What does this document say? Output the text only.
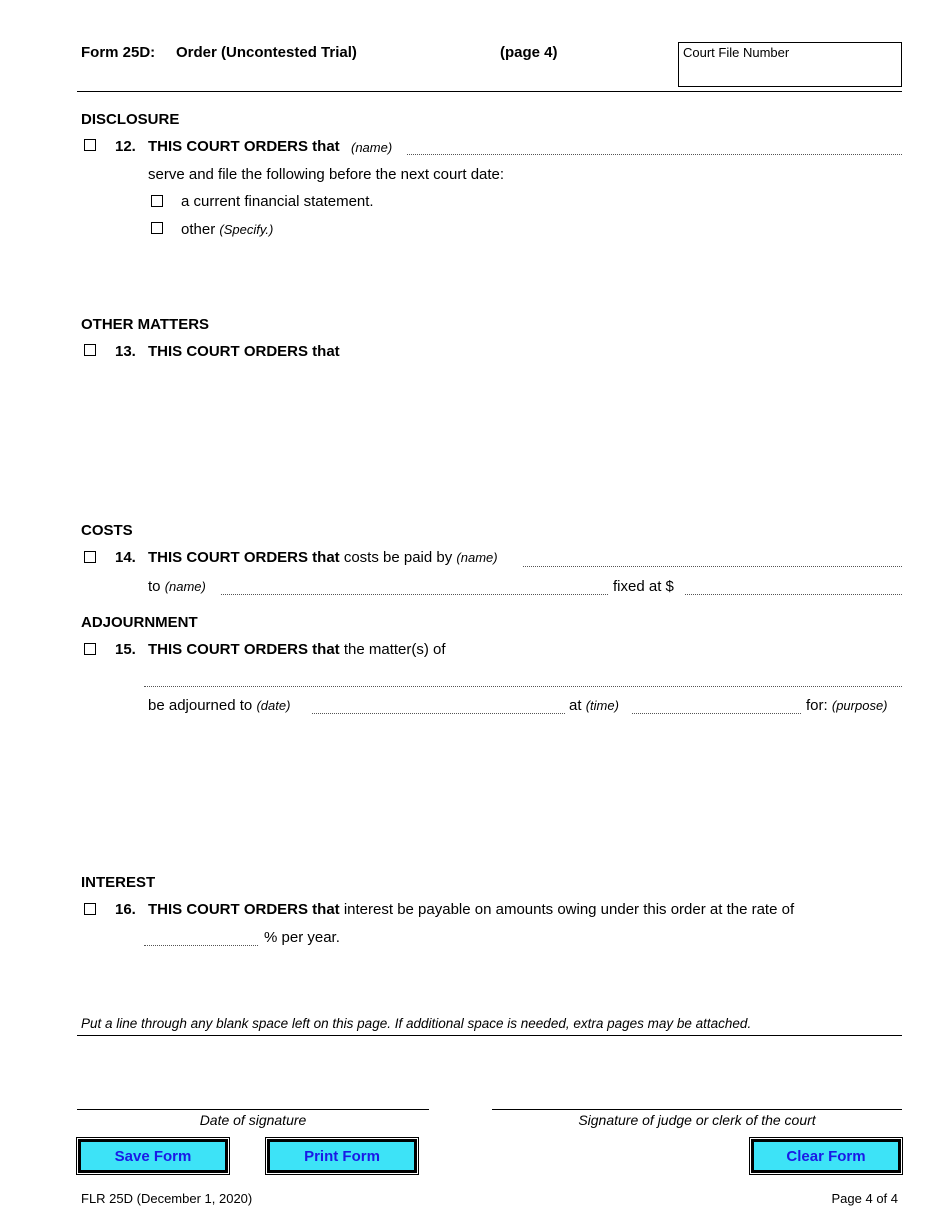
Form 25D: Order (Uncontested Trial)	(page 4)	Court File Number
DISCLOSURE
12. THIS COURT ORDERS that (name)
serve and file the following before the next court date:
a current financial statement.
other (Specify.)
OTHER MATTERS
13. THIS COURT ORDERS that
COSTS
14. THIS COURT ORDERS that costs be paid by (name)
to (name)	fixed at $
ADJOURNMENT
15. THIS COURT ORDERS that the matter(s) of
be adjourned to (date)	at (time)	for: (purpose)
INTEREST
16. THIS COURT ORDERS that interest be payable on amounts owing under this order at the rate of
% per year.
Put a line through any blank space left on this page. If additional space is needed, extra pages may be attached.
Date of signature	Signature of judge or clerk of the court
Save Form	Print Form	Clear Form
FLR 25D (December 1, 2020)	Page 4 of 4
